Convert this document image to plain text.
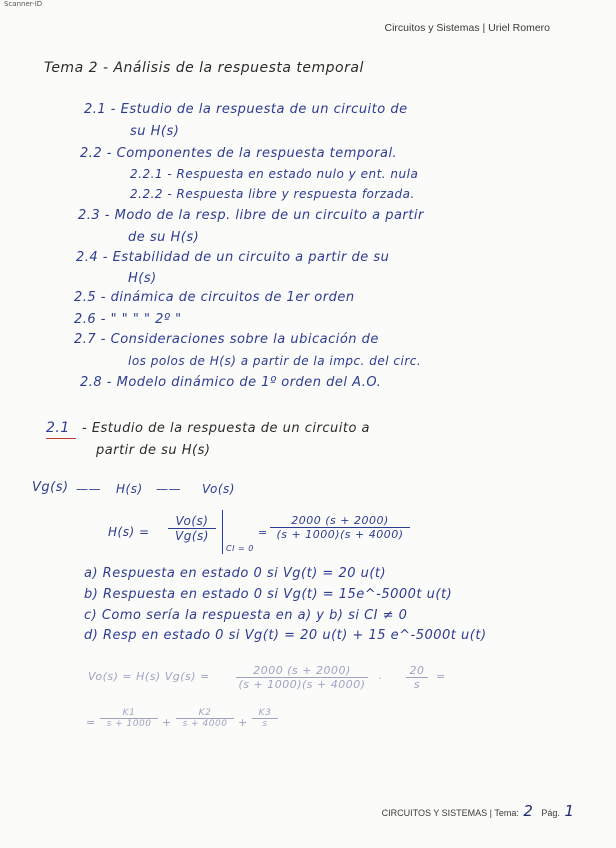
Scanner-ID
Circuitos y Sistemas | Uriel Romero
Tema 2 - Análisis de la respuesta temporal
2.1 - Estudio de la respuesta de un circuito de
su H(s)
2.2 - Componentes de la respuesta temporal.
2.2.1 - Respuesta en estado nulo y ent. nula
2.2.2 - Respuesta libre y respuesta forzada.
2.3 - Modo de la resp. libre de un circuito a partir
de su H(s)
2.4 - Estabilidad de un circuito a partir de su
H(s)
2.5 - dinámica de circuitos de 1er orden
2.6 - " " " " 2º "
2.7 - Consideraciones sobre la ubicación de
los polos de H(s) a partir de la impc. del circ.
2.8 - Modelo dinámico de 1º orden del A.O.
2.1 - Estudio de la respuesta de un circuito a
partir de su H(s)
Vg(s) —— H(s) —— Vo(s)
H(s) =
Vo(s)
Vg(s)
CI = 0
=
2000 (s + 2000)
(s + 1000)(s + 4000)
a) Respuesta en estado 0 si Vg(t) = 20 u(t)
b) Respuesta en estado 0 si Vg(t) = 15e^-5000t u(t)
c) Como sería la respuesta en a) y b) si CI ≠ 0
d) Resp en estado 0 si Vg(t) = 20 u(t) + 15 e^-5000t u(t)
Vo(s) = H(s) Vg(s) =	2000 (s + 2000)
(s + 1000)(s + 4000) ·
20
s
=
=
K1
s + 1000 +
K2
s + 4000 +
K3
s
CIRCUITOS Y SISTEMAS | Tema: 2 Pág. 1
